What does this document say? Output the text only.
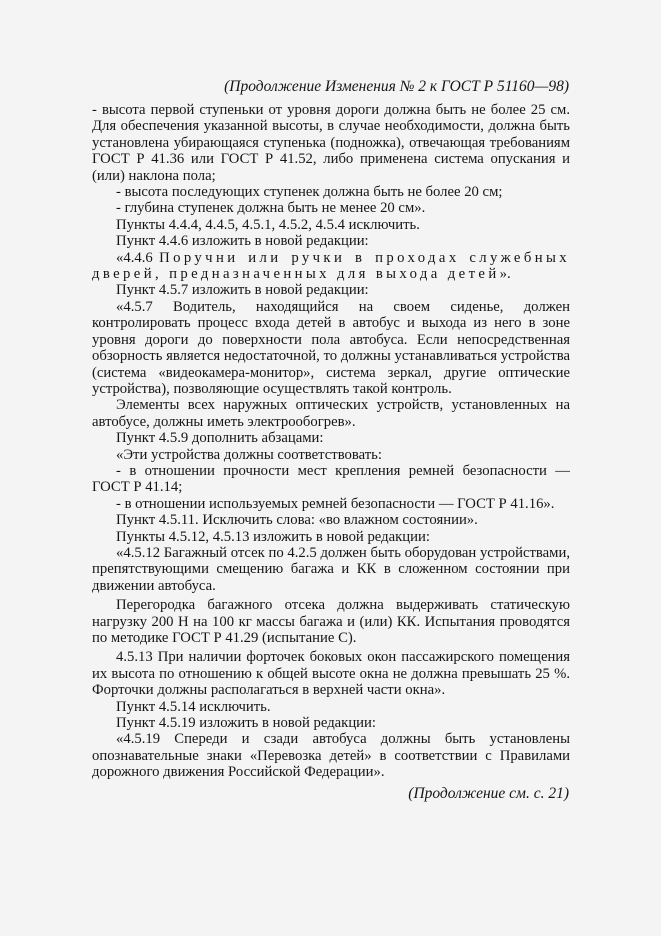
(Продолжение Изменения № 2 к ГОСТ Р 51160—98)

- высота первой ступеньки от уровня дороги должна быть не более 25 см. Для обеспечения указанной высоты, в случае необходимости, должна быть установлена убирающаяся ступенька (подножка), отвечающая требованиям ГОСТ Р 41.36 или ГОСТ Р 41.52, либо применена система опускания и (или) наклона пола;

- высота последующих ступенек должна быть не более 20 см;

- глубина ступенек должна быть не менее 20 см».

Пункты 4.4.4, 4.4.5, 4.5.1, 4.5.2, 4.5.4 исключить.

Пункт 4.4.6 изложить в новой редакции:

«4.4.6 Поручни или ручки в проходах служебных дверей, предназначенных для выхода детей».

Пункт 4.5.7 изложить в новой редакции:

«4.5.7 Водитель, находящийся на своем сиденье, должен контролировать процесс входа детей в автобус и выхода из него в зоне уровня дороги до поверхности пола автобуса. Если непосредственная обзорность является недостаточной, то должны устанавливаться устройства (система «видеокамера-монитор», система зеркал, другие оптические устройства), позволяющие осуществлять такой контроль.

Элементы всех наружных оптических устройств, установленных на автобусе, должны иметь электрообогрев».

Пункт 4.5.9 дополнить абзацами:

«Эти устройства должны соответствовать:

- в отношении прочности мест крепления ремней безопасности — ГОСТ Р 41.14;

- в отношении используемых ремней безопасности — ГОСТ Р 41.16».

Пункт 4.5.11. Исключить слова: «во влажном состоянии».

Пункты 4.5.12, 4.5.13 изложить в новой редакции:

«4.5.12 Багажный отсек по 4.2.5 должен быть оборудован устройствами, препятствующими смещению багажа и КК в сложенном состоянии при движении автобуса.

Перегородка багажного отсека должна выдерживать статическую нагрузку 200 Н на 100 кг массы багажа и (или) КК. Испытания проводятся по методике ГОСТ Р 41.29 (испытание С).

4.5.13 При наличии форточек боковых окон пассажирского помещения их высота по отношению к общей высоте окна не должна превышать 25 %. Форточки должны располагаться в верхней части окна».

Пункт 4.5.14 исключить.

Пункт 4.5.19 изложить в новой редакции:

«4.5.19 Спереди и сзади автобуса должны быть установлены опознавательные знаки «Перевозка детей» в соответствии с Правилами дорожного движения Российской Федерации».

(Продолжение см. с. 21)
